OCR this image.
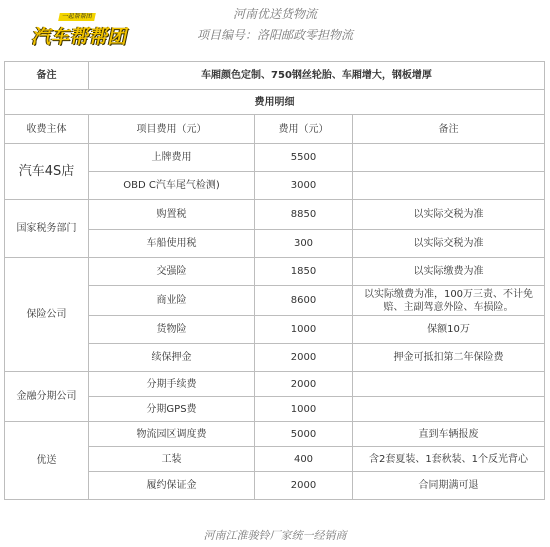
一起帮帮团
汽车帮帮团
河南优送货物流
项目编号：洛阳邮政零担物流
备注	车厢颜色定制、750钢丝轮胎、车厢增大，钢板增厚		
费用明细			
收费主体	项目费用（元）	费用（元）	备注
汽车4S店	上牌费用	5500	
	OBD C汽车尾气检测)	3000	
国家税务部门	购置税	8850	以实际交税为准
	车船使用税	300	以实际交税为准
保险公司	交强险	1850	以实际缴费为准
	商业险	8600	以实际缴费为准，100万三责、不计免赔、主副驾意外险、车损险。
	货物险	1000	保额10万
	续保押金	2000	押金可抵扣第二年保险费
金融分期公司	分期手续费	2000	
	分期GPS费	1000	
优送	物流园区调度费	5000	直到车辆报废
	工装	400	含2套夏装、1套秋装、1个反光背心
	履约保证金	2000	合同期满可退
河南江淮骏铃厂家统一经销商
